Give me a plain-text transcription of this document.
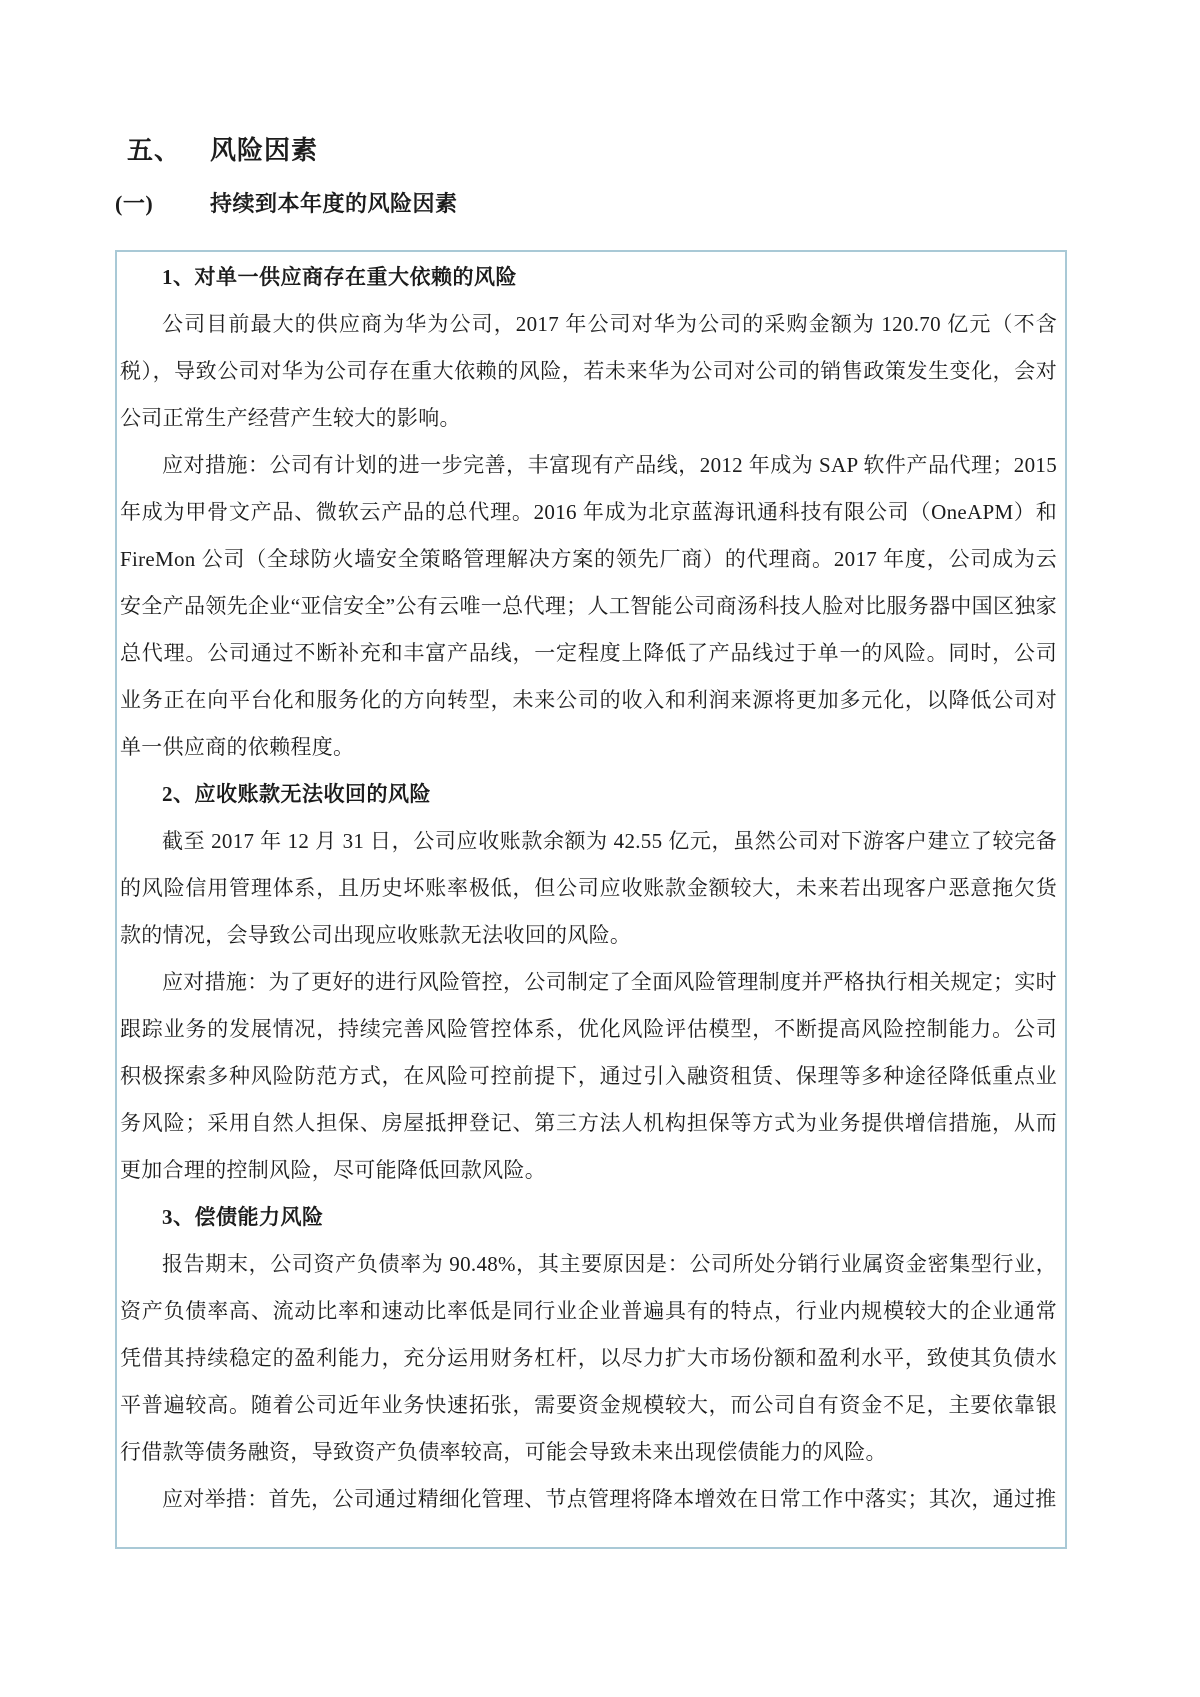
五、	风险因素
(一)	持续到本年度的风险因素

1、对单一供应商存在重大依赖的风险

公司目前最大的供应商为华为公司，2017 年公司对华为公司的采购金额为 120.70 亿元（不含税），导致公司对华为公司存在重大依赖的风险，若未来华为公司对公司的销售政策发生变化，会对公司正常生产经营产生较大的影响。

应对措施：公司有计划的进一步完善，丰富现有产品线，2012 年成为 SAP 软件产品代理；2015 年成为甲骨文产品、微软云产品的总代理。2016 年成为北京蓝海讯通科技有限公司（OneAPM）和 FireMon 公司（全球防火墙安全策略管理解决方案的领先厂商）的代理商。2017 年度，公司成为云安全产品领先企业“亚信安全”公有云唯一总代理；人工智能公司商汤科技人脸对比服务器中国区独家总代理。公司通过不断补充和丰富产品线，一定程度上降低了产品线过于单一的风险。同时，公司业务正在向平台化和服务化的方向转型，未来公司的收入和利润来源将更加多元化，以降低公司对单一供应商的依赖程度。

2、应收账款无法收回的风险

截至 2017 年 12 月 31 日，公司应收账款余额为 42.55 亿元，虽然公司对下游客户建立了较完备的风险信用管理体系，且历史坏账率极低，但公司应收账款金额较大，未来若出现客户恶意拖欠货款的情况，会导致公司出现应收账款无法收回的风险。

应对措施：为了更好的进行风险管控，公司制定了全面风险管理制度并严格执行相关规定；实时跟踪业务的发展情况，持续完善风险管控体系，优化风险评估模型，不断提高风险控制能力。公司积极探索多种风险防范方式，在风险可控前提下，通过引入融资租赁、保理等多种途径降低重点业务风险；采用自然人担保、房屋抵押登记、第三方法人机构担保等方式为业务提供增信措施，从而更加合理的控制风险，尽可能降低回款风险。

3、偿债能力风险

报告期末，公司资产负债率为 90.48%，其主要原因是：公司所处分销行业属资金密集型行业，资产负债率高、流动比率和速动比率低是同行业企业普遍具有的特点，行业内规模较大的企业通常凭借其持续稳定的盈利能力，充分运用财务杠杆，以尽力扩大市场份额和盈利水平，致使其负债水平普遍较高。随着公司近年业务快速拓张，需要资金规模较大，而公司自有资金不足，主要依靠银行借款等债务融资，导致资产负债率较高，可能会导致未来出现偿债能力的风险。

应对举措：首先，公司通过精细化管理、节点管理将降本增效在日常工作中落实；其次，通过推
